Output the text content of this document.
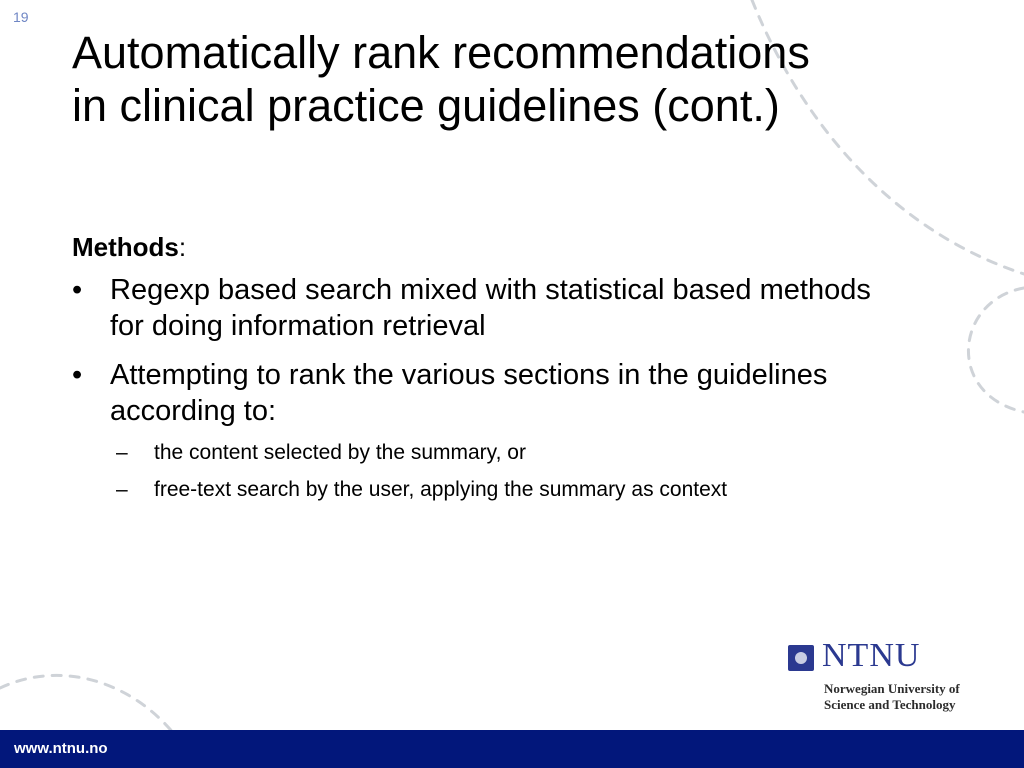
19
Automatically rank recommendations in clinical practice guidelines (cont.)
Methods:
• Regexp based search mixed with statistical based methods for doing information retrieval
• Attempting to rank the various sections in the guidelines according to:
– the content selected by the summary, or
– free-text search by the user, applying the summary as context
NTNU
Norwegian University of
Science and Technology
www.ntnu.no
